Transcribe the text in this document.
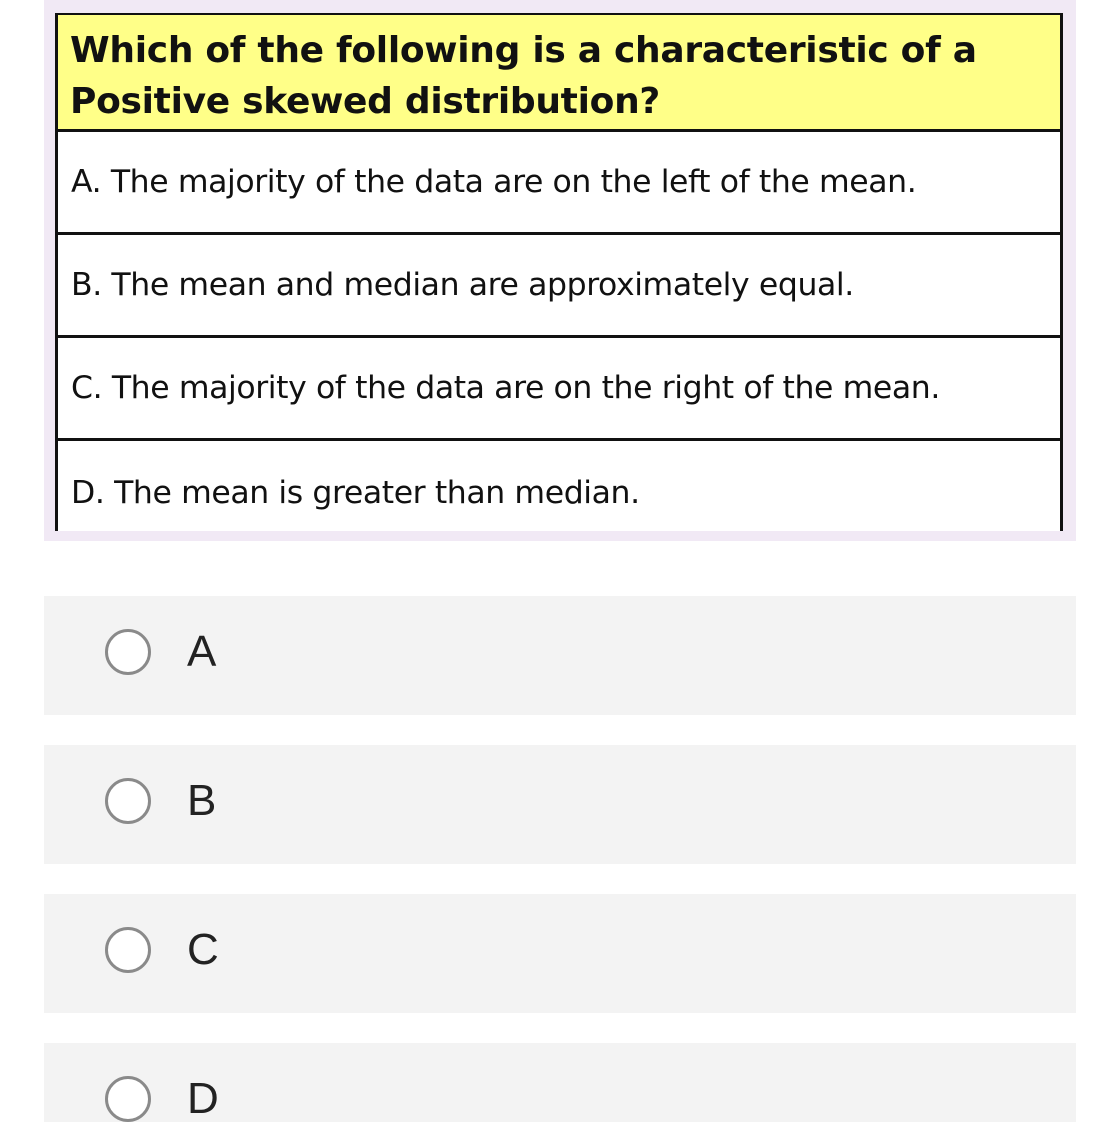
Which of the following is a characteristic of a
Positive skewed distribution?
A. The majority of the data are on the left of the mean.
B. The mean and median are approximately equal.
C. The majority of the data are on the right of the mean.
D. The mean is greater than median.
A
B
C
D
